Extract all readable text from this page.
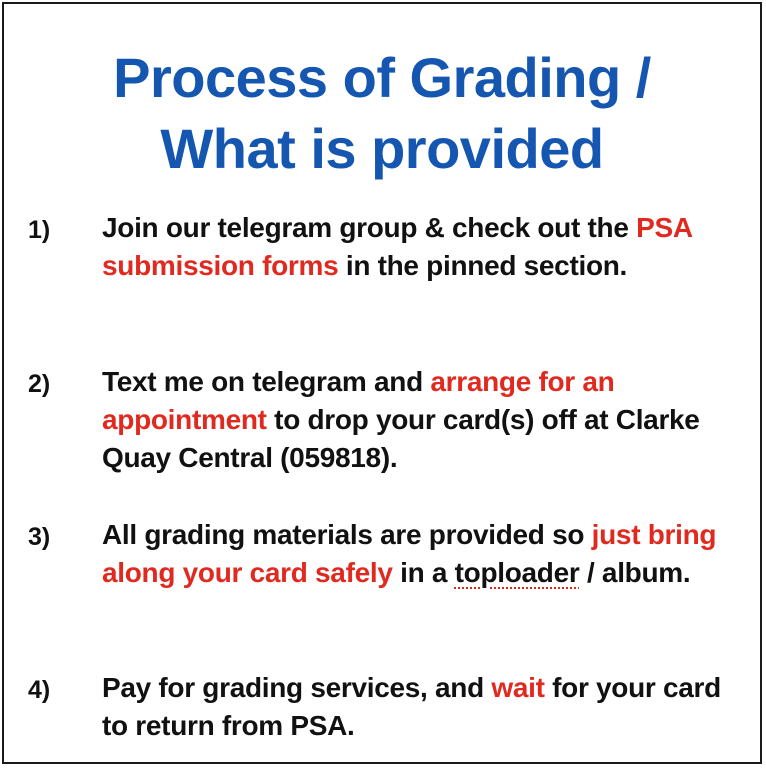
Process of Grading /
What is provided
1)	Join our telegram group & check out the PSA submission forms in the pinned section.
2)	Text me on telegram and arrange for an appointment to drop your card(s) off at Clarke Quay Central (059818).
3)	All grading materials are provided so just bring along your card safely in a toploader / album.
4)	Pay for grading services, and wait for your card to return from PSA.
